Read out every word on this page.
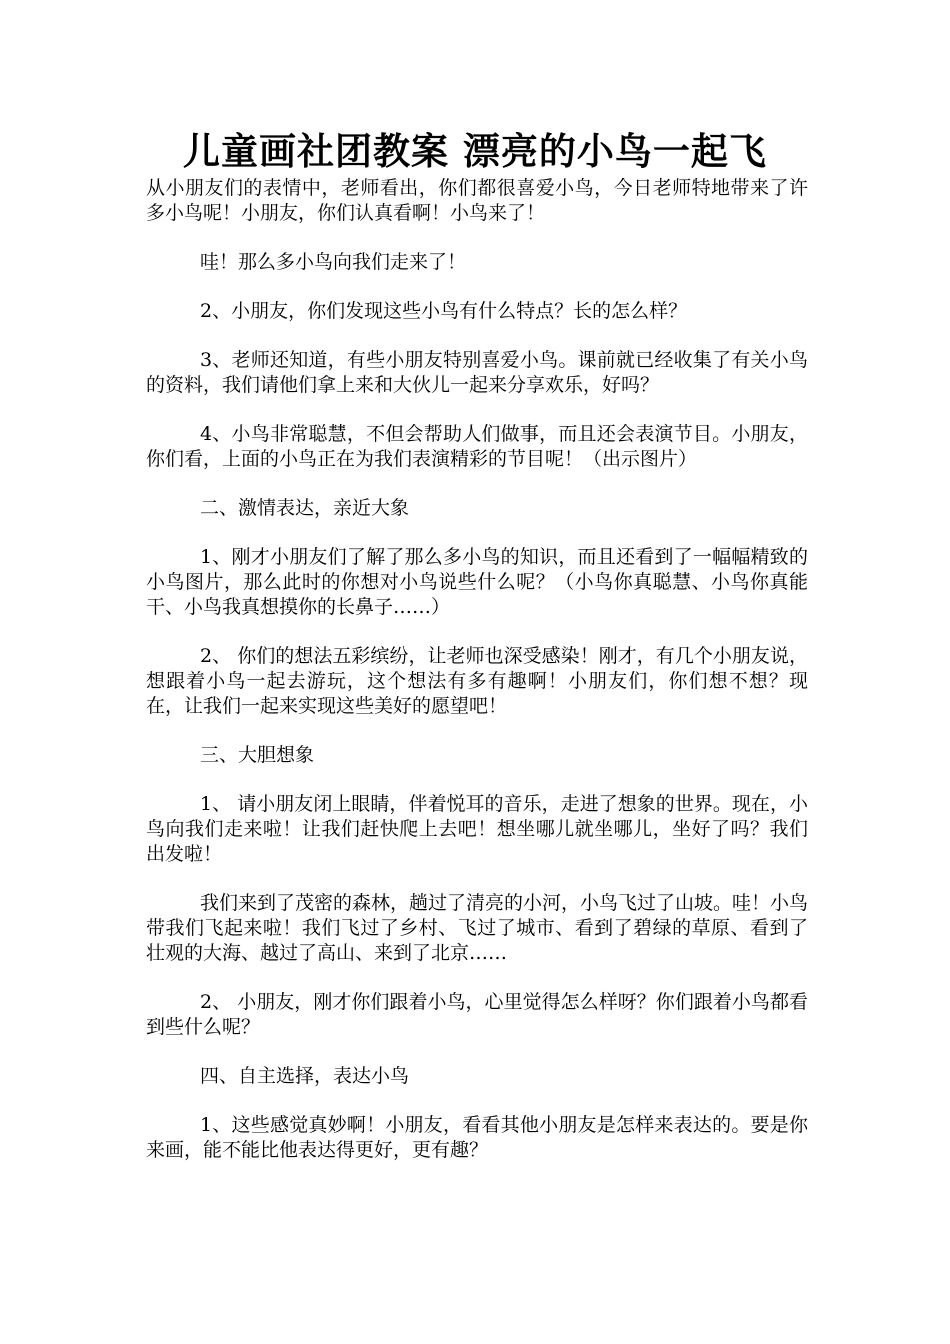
儿童画社团教案 漂亮的小鸟一起飞

从小朋友们的表情中，老师看出，你们都很喜爱小鸟，今日老师特地带来了许多小鸟呢！小朋友，你们认真看啊！小鸟来了！

哇！那么多小鸟向我们走来了！

2、小朋友，你们发现这些小鸟有什么特点？长的怎么样？

3、老师还知道，有些小朋友特别喜爱小鸟。课前就已经收集了有关小鸟的资料，我们请他们拿上来和大伙儿一起来分享欢乐，好吗？

4、小鸟非常聪慧，不但会帮助人们做事，而且还会表演节目。小朋友，你们看，上面的小鸟正在为我们表演精彩的节目呢！（出示图片）

二、激情表达，亲近大象

1、刚才小朋友们了解了那么多小鸟的知识，而且还看到了一幅幅精致的小鸟图片，那么此时的你想对小鸟说些什么呢？（小鸟你真聪慧、小鸟你真能干、小鸟我真想摸你的长鼻子……）

2、 你们的想法五彩缤纷，让老师也深受感染！刚才，有几个小朋友说，想跟着小鸟一起去游玩，这个想法有多有趣啊！小朋友们，你们想不想？现在，让我们一起来实现这些美好的愿望吧！

三、大胆想象

1、 请小朋友闭上眼睛，伴着悦耳的音乐，走进了想象的世界。现在，小鸟向我们走来啦！让我们赶快爬上去吧！想坐哪儿就坐哪儿，坐好了吗？我们出发啦！

我们来到了茂密的森林，趟过了清亮的小河，小鸟飞过了山坡。哇！小鸟带我们飞起来啦！我们飞过了乡村、飞过了城市、看到了碧绿的草原、看到了壮观的大海、越过了高山、来到了北京……

2、 小朋友，刚才你们跟着小鸟，心里觉得怎么样呀？你们跟着小鸟都看到些什么呢？

四、自主选择，表达小鸟

1、这些感觉真妙啊！小朋友，看看其他小朋友是怎样来表达的。要是你来画，能不能比他表达得更好，更有趣？
